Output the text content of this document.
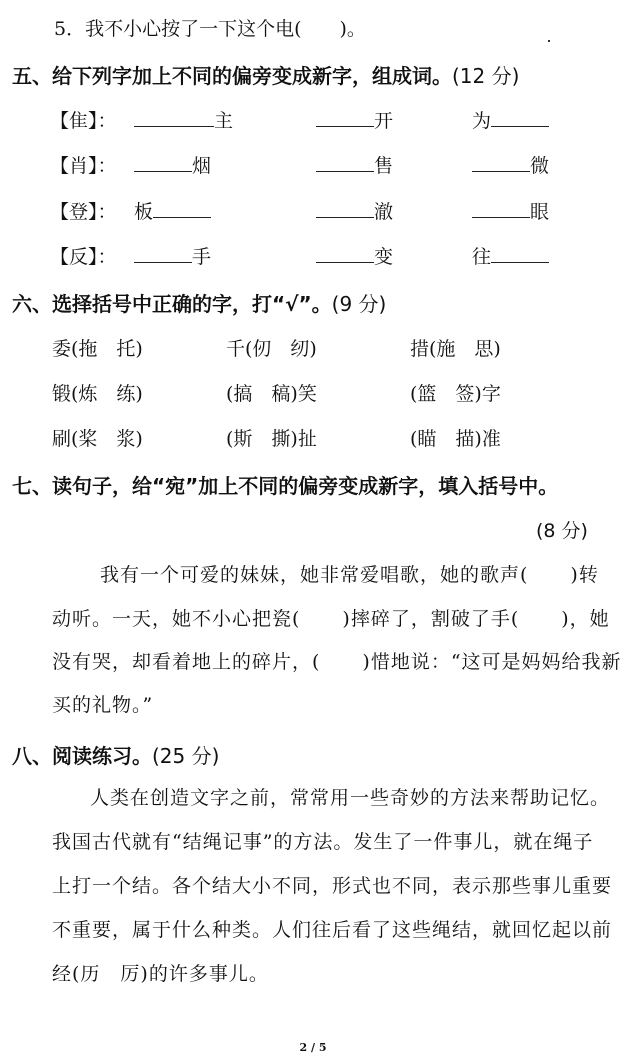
5．我不小心按了一下这个电(　　)。
五、给下列字加上不同的偏旁变成新字，组成词。(12 分)
【隹】：	主	开	为
【肖】：	烟	售	微
【登】： 板	澈	眼
【反】：	手	变	往
六、选择括号中正确的字，打“√”。(9 分)
委(拖　托)	千(仞　纫)	措(施　思)
锻(炼　练)	(搞　稿)笑	(篮　签)字
刷(桨　浆)	(斯　撕)扯	(瞄　描)准
七、读句子，给“宛”加上不同的偏旁变成新字，填入括号中。
(8 分)
我有一个可爱的妹妹，她非常爱唱歌，她的歌声( )转
动听。一天，她不小心把瓷( )摔碎了，割破了手( )，她
没有哭，却看着地上的碎片，( )惜地说：“这可是妈妈给我新
买的礼物。”
八、阅读练习。(25 分)
人类在创造文字之前，常常用一些奇妙的方法来帮助记忆。
我国古代就有“结绳记事”的方法。发生了一件事儿，就在绳子
上打一个结。各个结大小不同，形式也不同，表示那些事儿重要
不重要，属于什么种类。人们往后看了这些绳结，就回忆起以前
经(历　厉)的许多事儿。
2 / 5
